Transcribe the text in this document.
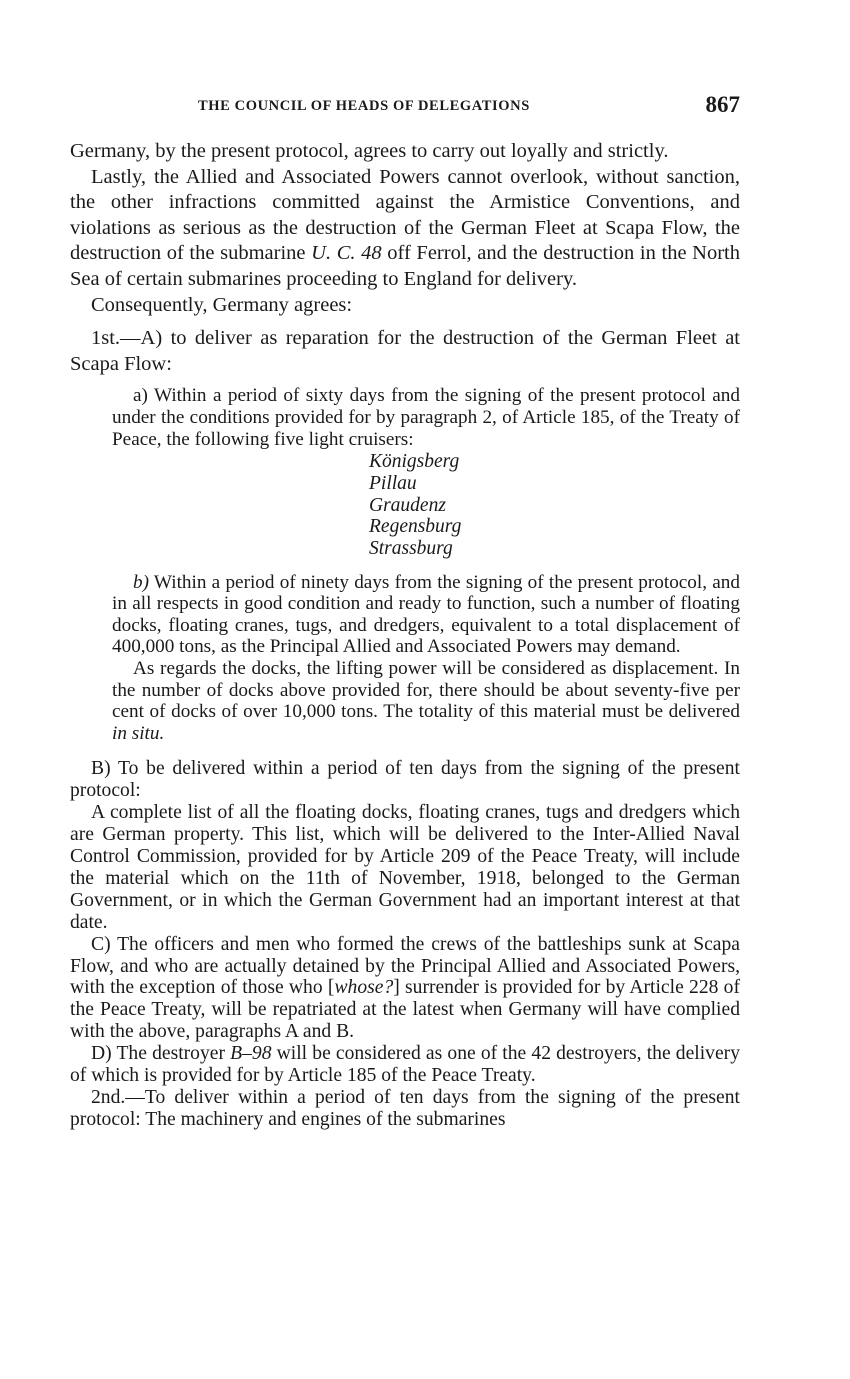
THE COUNCIL OF HEADS OF DELEGATIONS	867

Germany, by the present protocol, agrees to carry out loyally and strictly.

Lastly, the Allied and Associated Powers cannot overlook, without sanction, the other infractions committed against the Armistice Conventions, and violations as serious as the destruction of the German Fleet at Scapa Flow, the destruction of the submarine U. C. 48 off Ferrol, and the destruction in the North Sea of certain submarines proceeding to England for delivery.

Consequently, Germany agrees:

1st.—A) to deliver as reparation for the destruction of the German Fleet at Scapa Flow:

a) Within a period of sixty days from the signing of the present protocol and under the conditions provided for by paragraph 2, of Article 185, of the Treaty of Peace, the following five light cruisers:

Königsberg
Pillau
Graudenz
Regensburg
Strassburg

b) Within a period of ninety days from the signing of the present protocol, and in all respects in good condition and ready to function, such a number of floating docks, floating cranes, tugs, and dredgers, equivalent to a total displacement of 400,000 tons, as the Principal Allied and Associated Powers may demand.

As regards the docks, the lifting power will be considered as displacement. In the number of docks above provided for, there should be about seventy-five per cent of docks of over 10,000 tons. The totality of this material must be delivered in situ.

B) To be delivered within a period of ten days from the signing of the present protocol:

A complete list of all the floating docks, floating cranes, tugs and dredgers which are German property. This list, which will be delivered to the Inter-Allied Naval Control Commission, provided for by Article 209 of the Peace Treaty, will include the material which on the 11th of November, 1918, belonged to the German Government, or in which the German Government had an important interest at that date.

C) The officers and men who formed the crews of the battleships sunk at Scapa Flow, and who are actually detained by the Principal Allied and Associated Powers, with the exception of those who [whose?] surrender is provided for by Article 228 of the Peace Treaty, will be repatriated at the latest when Germany will have complied with the above, paragraphs A and B.

D) The destroyer B–98 will be considered as one of the 42 destroyers, the delivery of which is provided for by Article 185 of the Peace Treaty.

2nd.—To deliver within a period of ten days from the signing of the present protocol: The machinery and engines of the submarines
